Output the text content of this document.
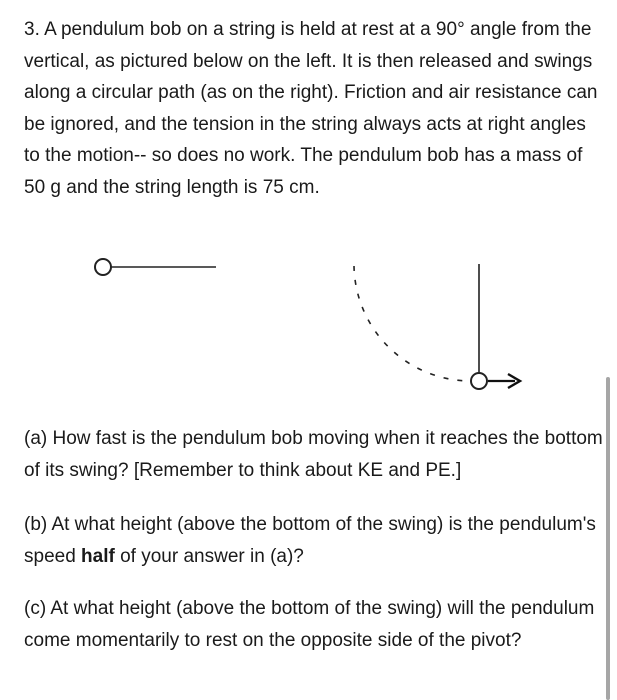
3. A pendulum bob on a string is held at rest at a 90° angle from the vertical, as pictured below on the left. It is then released and swings along a circular path (as on the right). Friction and air resistance can be ignored, and the tension in the string always acts at right angles to the motion-- so does no work. The pendulum bob has a mass of 50 g and the string length is 75 cm.

(a) How fast is the pendulum bob moving when it reaches the bottom of its swing? [Remember to think about KE and PE.]

(b) At what height (above the bottom of the swing) is the pendulum's speed half of your answer in (a)?

(c) At what height (above the bottom of the swing) will the pendulum come momentarily to rest on the opposite side of the pivot?
